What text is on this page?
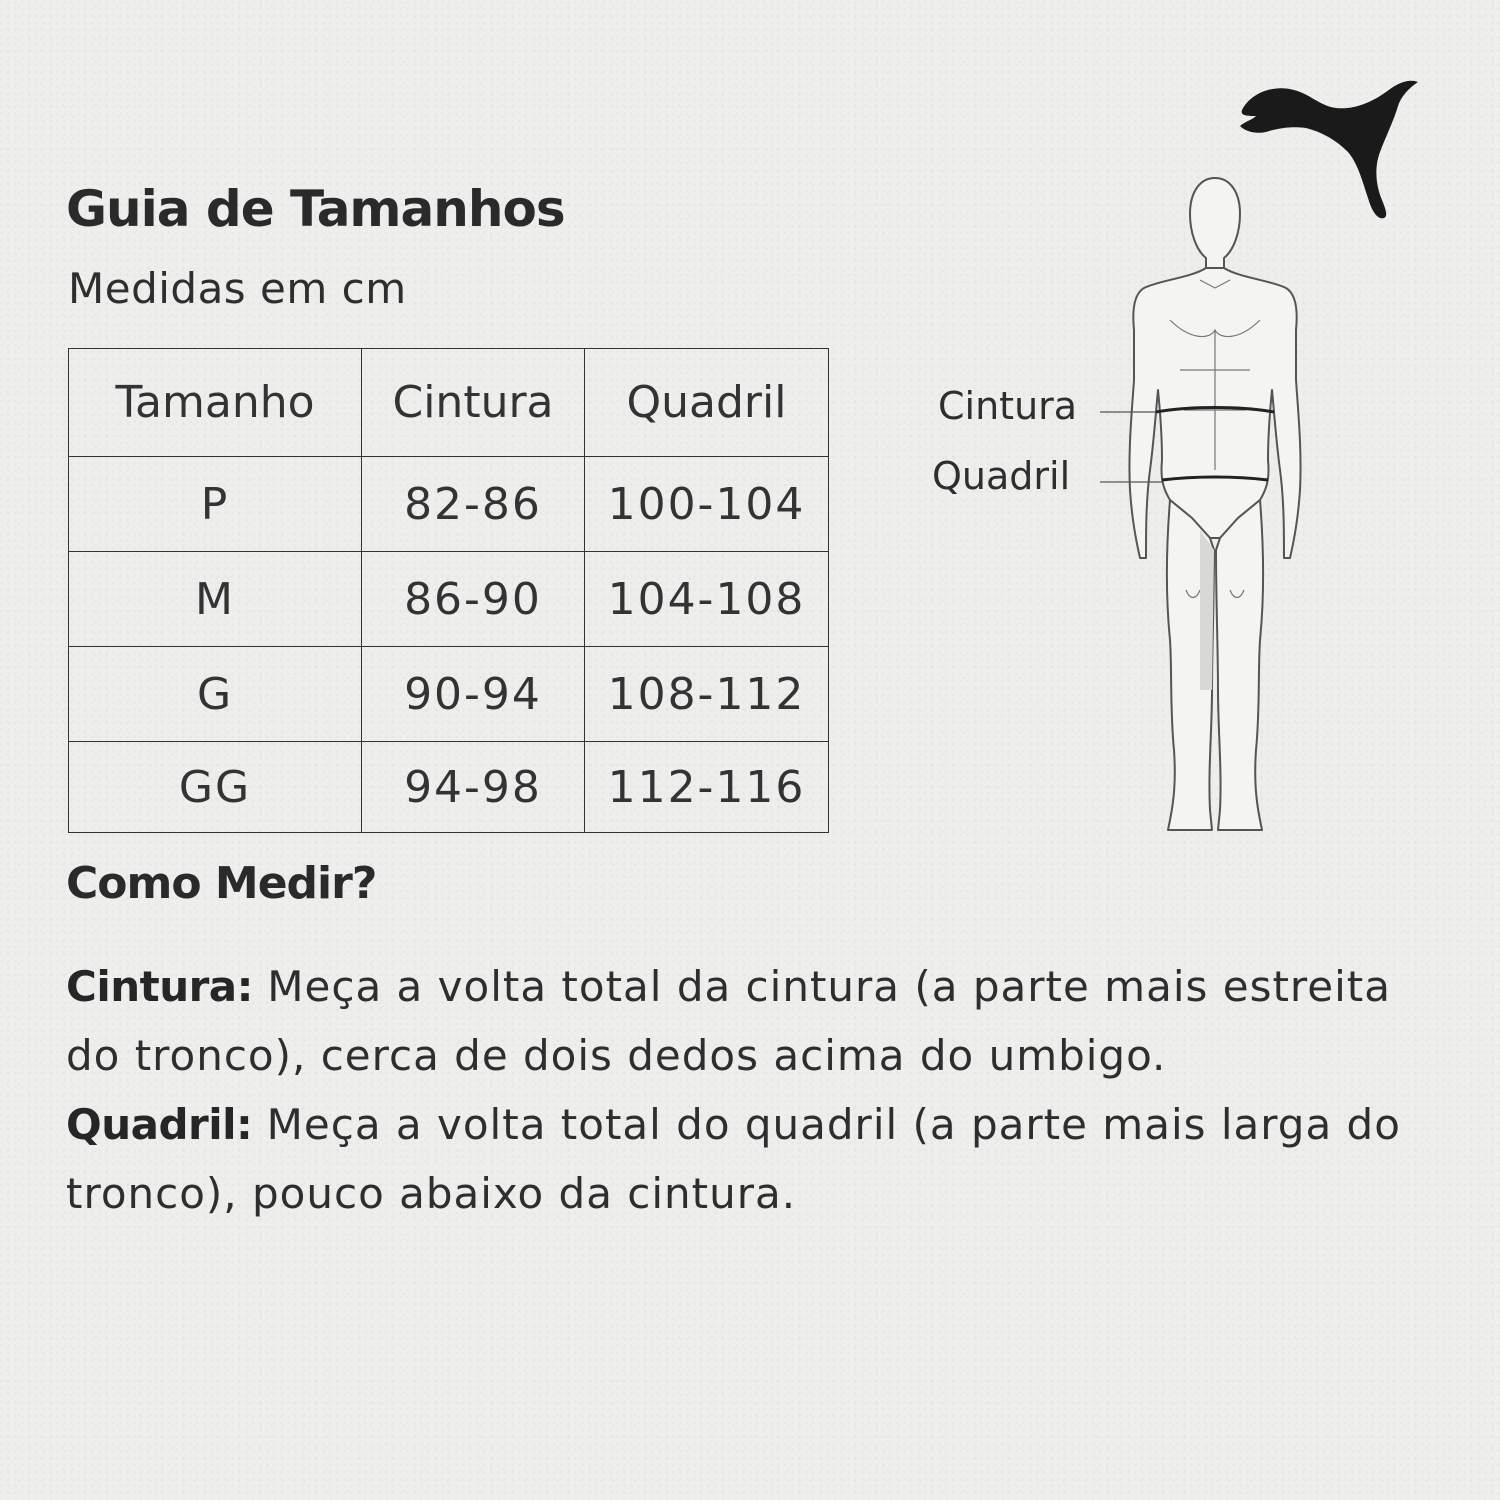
Guia de Tamanhos
Medidas em cm
Tamanho	Cintura	Quadril
P	82-86	100-104
M	86-90	104-108
G	90-94	108-112
GG	94-98	112-116
Cintura
Quadril
Como Medir?
Cintura: Meça a volta total da cintura (a parte mais estreita do tronco), cerca de dois dedos acima do umbigo.
Quadril: Meça a volta total do quadril (a parte mais larga do tronco), pouco abaixo da cintura.
